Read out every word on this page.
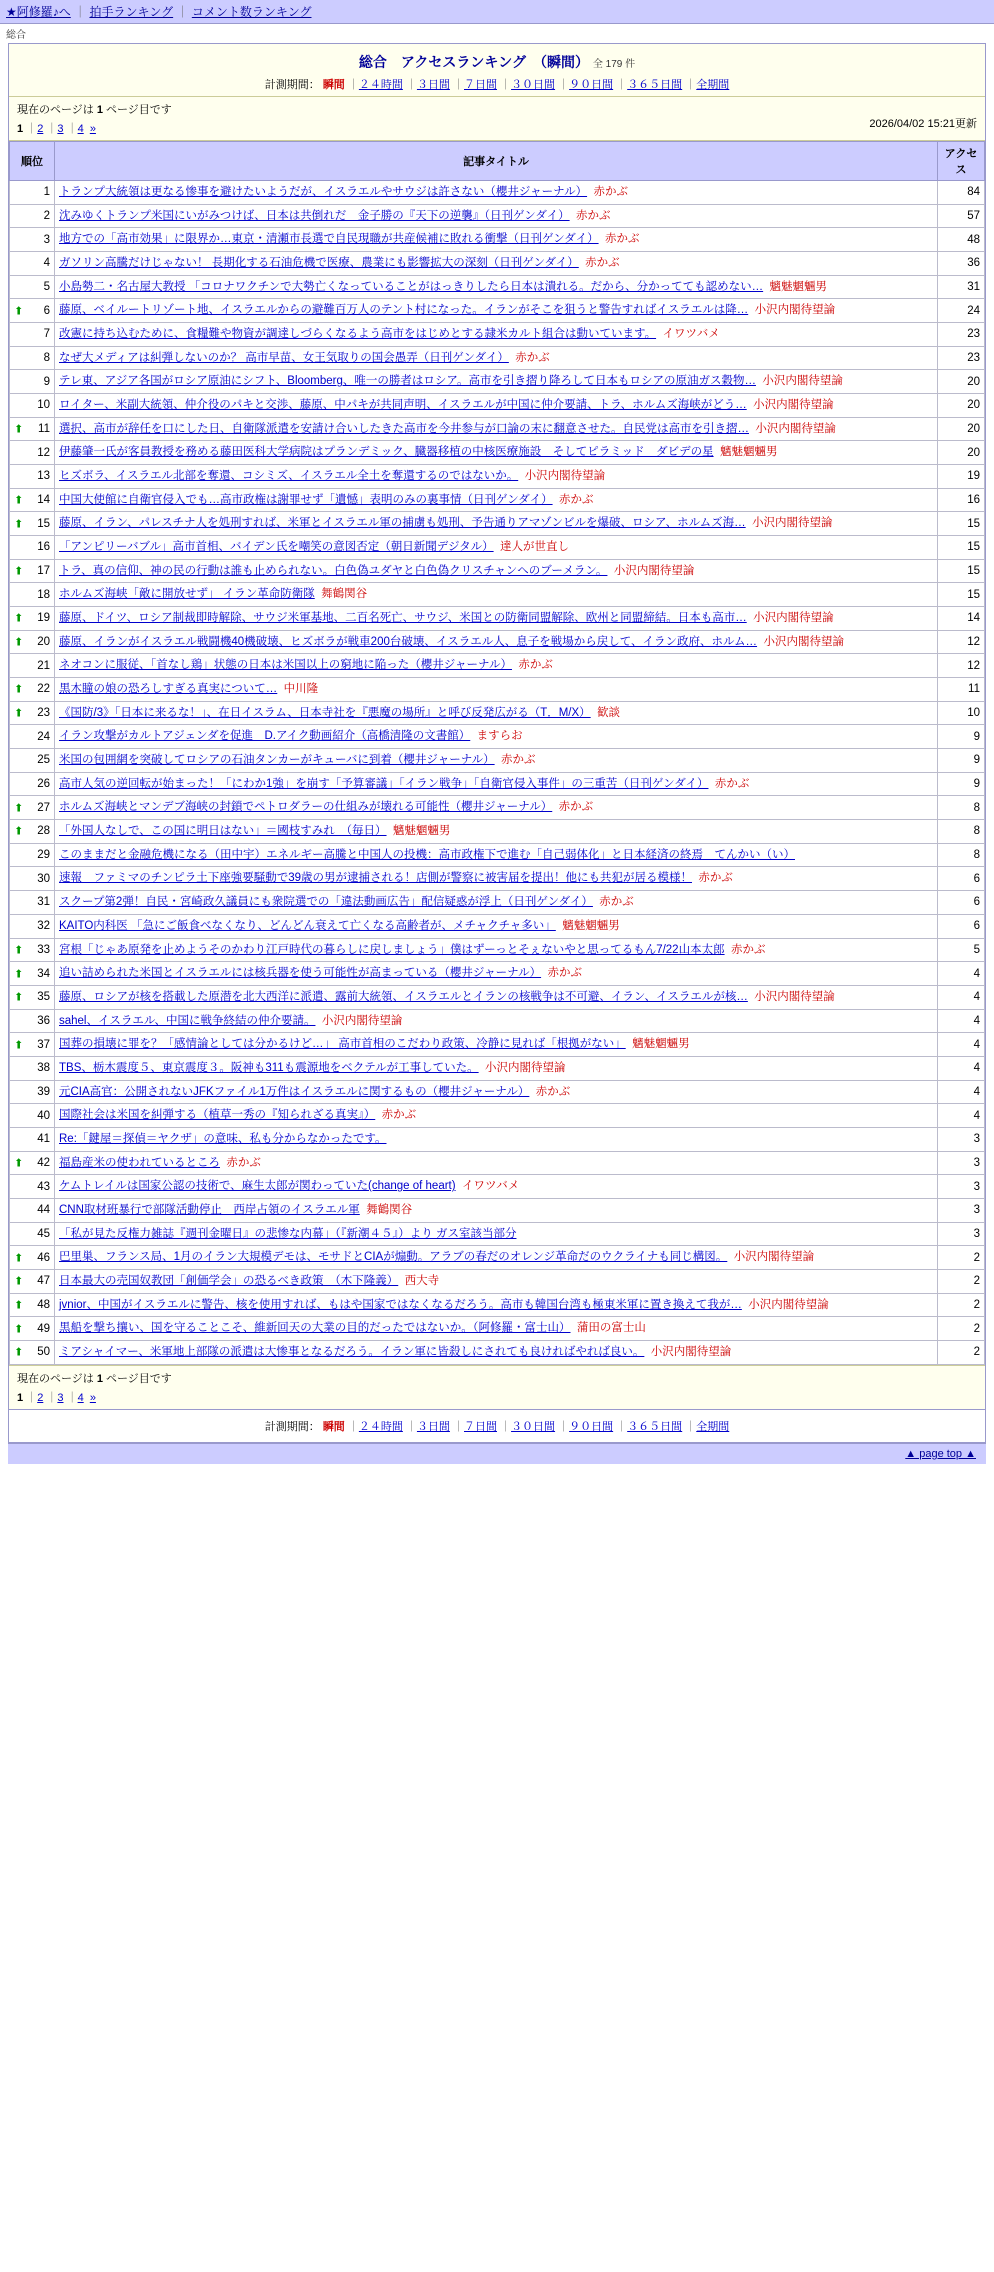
★阿修羅♪へ ｜ 拍手ランキング ｜ コメント数ランキング
総合
総合　アクセスランキング　（瞬間） 全 179 件
計測期間： 瞬間 ｜２４時間 ｜３日間 ｜７日間 ｜３０日間 ｜９０日間 ｜３６５日間 ｜全期間
現在のページは 1 ページ目です
2026/04/02 15:21更新
1 ｜2 ｜3 ｜4 »
順位	記事タイトル	アクセス
1	トランプ大統領は更なる惨事を避けたいようだが、イスラエルやサウジは許さない（櫻井ジャーナル） 赤かぶ	84
2	沈みゆくトランプ米国にいがみつけば、日本は共倒れだ　金子勝の『天下の逆襲』（日刊ゲンダイ） 赤かぶ	57
3	地方での「高市効果」に限界か…東京・清瀬市長選で自民現職が共産候補に敗れる衝撃（日刊ゲンダイ） 赤かぶ	48
4	ガソリン高騰だけじゃない！ 長期化する石油危機で医療、農業にも影響拡大の深刻（日刊ゲンダイ） 赤かぶ	36
5	小島勢二・名古屋大教授 「コロナワクチンで大勢亡くなっていることがはっきりしたら日本は潰れる。だから、分かってても認めない… 魑魅魍魎男	31

⬆ 6	藤原、ベイルートリゾート地、イスラエルからの避難百万人のテント村になった。イランがそこを狙うと警告すればイスラエルは降… 小沢内閣待望論	24
7	改憲に持ち込むために、食糧難や物資が調達しづらくなるよう高市をはじめとする隷米カルト組合は動いています。 イワツバメ	23
8	なぜ大メディアは糾弾しないのか？ 高市早苗、女王気取りの国会愚弄（日刊ゲンダイ） 赤かぶ	23
9	テレ東、アジア各国がロシア原油にシフト、Bloomberg、唯一の勝者はロシア。高市を引き摺り降ろして日本もロシアの原油ガス穀物… 小沢内閣待望論	20
10	ロイター、米副大統領、仲介役のパキと交渉、藤原、中パキが共同声明、イスラエルが中国に仲介要請、トラ、ホルムズ海峡がどう… 小沢内閣待望論	20

⬆ 11	選択、高市が辞任を口にした日、自衛隊派遣を安請け合いしたきた高市を今井参与が口論の末に翻意させた。自民党は高市を引き摺… 小沢内閣待望論	20
12	伊藤肇一氏が客員教授を務める藤田医科大学病院はプランデミック、臓器移植の中核医療施設　そしてピラミッド　ダビデの星 魑魅魍魎男	20
13	ヒズボラ、イスラエル北部を奪還、コシミズ、イスラエル全土を奪還するのではないか。 小沢内閣待望論	19

⬆ 14	中国大使館に自衛官侵入でも…高市政権は謝罪せず「遺憾」表明のみの裏事情（日刊ゲンダイ） 赤かぶ	16

⬆ 15	藤原、イラン、パレスチナ人を処刑すれば、米軍とイスラエル軍の捕虜も処刑、予告通りアマゾンビルを爆破、ロシア、ホルムズ海… 小沢内閣待望論	15
16	「アンピリーバブル」高市首相、バイデン氏を嘲笑の意図否定（朝日新聞デジタル） 達人が世直し	15

⬆ 17	トラ、真の信仰、神の民の行動は誰も止められない。白色偽ユダヤと白色偽クリスチャンへのブーメラン。 小沢内閣待望論	15
18	ホルムズ海峡「敵に開放せず」 イラン革命防衛隊 舞鶴関谷	15

⬆ 19	藤原、ドイツ、ロシア制裁即時解除、サウジ米軍基地、二百名死亡、サウジ、米国との防衛同盟解除、欧州と同盟締結。日本も高市… 小沢内閣待望論	14

⬆ 20	藤原、イランがイスラエル戦闘機40機破壊、ヒズボラが戦車200台破壊、イスラエル人、息子を戦場から戻して、イラン政府、ホルム… 小沢内閣待望論	12
21	ネオコンに服従、「首なし鶏」状態の日本は米国以上の窮地に陥った（櫻井ジャーナル） 赤かぶ	12

⬆ 22	黒木瞳の娘の恐ろしすぎる真実について… 中川隆	11

⬆ 23	《国防/3》「日本に来るな！」、在日イスラム、日本寺社を『悪魔の場所』と呼び反発広がる（T．M/X） 歓談	10
24	イラン攻撃がカルトアジェンダを促進　D.アイク動画紹介（高橋清隆の文書館） ますらお	9
25	米国の包囲網を突破してロシアの石油タンカーがキューバに到着（櫻井ジャーナル） 赤かぶ	9
26	高市人気の逆回転が始まった！「にわか1強」を崩す「予算審議」「イラン戦争」「自衛官侵入事件」の三重苦（日刊ゲンダイ） 赤かぶ	9

⬆ 27	ホルムズ海峡とマンデブ海峡の封鎖でペトロダラーの仕組みが壊れる可能性（櫻井ジャーナル） 赤かぶ	8

⬆ 28	「外国人なしで、この国に明日はない」＝國枝すみれ　（毎日） 魑魅魍魎男	8
29	このままだと金融危機になる（田中宇）エネルギー高騰と中国人の投機：高市政権下で進む「自己弱体化」と日本経済の終焉　てんかい（い）	8
30	速報　ファミマのチンピラ土下座強要騒動で39歳の男が逮捕される！店側が警察に被害届を提出！他にも共犯が居る模様！ 赤かぶ	6
31	スクープ第2弾！自民・宮崎政久議員にも衆院選での「違法動画広告」配信疑惑が浮上（日刊ゲンダイ） 赤かぶ	6
32	KAITO内科医 「急にご飯食べなくなり、どんどん衰えて亡くなる高齢者が、メチャクチャ多い」 魑魅魍魎男	6

⬆ 33	宮根「じゃあ原発を止めようそのかわり江戸時代の暮らしに戻しましょう」僕はずーっとそぇないやと思ってるもん7/22山本太郎 赤かぶ	5

⬆ 34	追い詰められた米国とイスラエルには核兵器を使う可能性が高まっている（櫻井ジャーナル） 赤かぶ	4

⬆ 35	藤原、ロシアが核を搭載した原潜を北大西洋に派遣、露前大統領、イスラエルとイランの核戦争は不可避、イラン、イスラエルが核… 小沢内閣待望論	4
36	sahel、イスラエル、中国に戦争終結の仲介要請。 小沢内閣待望論	4

⬆ 37	国葬の損壊に罪を？「感情論としては分かるけど…」 高市首相のこだわり政策、冷静に見れば「根拠がない」 魑魅魍魎男	4
38	TBS、栃木震度５、東京震度３。阪神も311も震源地をベクテルが工事していた。 小沢内閣待望論	4
39	元CIA高官：公開されないJFKファイル1万件はイスラエルに関するもの（櫻井ジャーナル） 赤かぶ	4
40	国際社会は米国を糾弾する（植草一秀の『知られざる真実』） 赤かぶ	4
41	Re:「鍵屋＝探偵＝ヤクザ」の意味、私も分からなかったです。	3

⬆ 42	福島産米の使われているところ 赤かぶ	3
43	ケムトレイルは国家公認の技術で、麻生太郎が関わっていた(change of heart) イワツバメ	3
44	CNN取材班暴行で部隊活動停止　西岸占領のイスラエル軍 舞鶴関谷	3
45	「私が見た反権力雑誌『週刊金曜日』の悲惨な内幕」（『新潮４５』）より ガス室該当部分	3

⬆ 46	巴里巣、フランス局、1月のイラン大規模デモは、モサドとCIAが煽動。アラブの春だのオレンジ革命だのウクライナも同じ構図。 小沢内閣待望論	2

⬆ 47	日本最大の売国奴教団「創価学会」の恐るべき政策　（木下隆義） 西大寺	2

⬆ 48	jvnior、中国がイスラエルに警告、核を使用すれば、もはや国家ではなくなるだろう。高市も韓国台湾も極東米軍に置き換えて我が… 小沢内閣待望論	2

⬆ 49	黒船を撃ち攘い、国を守ることこそ、維新回天の大業の目的だったではないか。（阿修羅・富士山） 蒲田の富士山	2

⬆ 50	ミアシャイマー、米軍地上部隊の派遣は大惨事となるだろう。イラン軍に皆殺しにされても良ければやれば良い。 小沢内閣待望論	2
現在のページは 1 ページ目です
1 ｜2 ｜3 ｜4 »
計測期間： 瞬間 ｜２４時間 ｜３日間 ｜７日間 ｜３０日間 ｜９０日間 ｜３６５日間 ｜全期間
▲ page top ▲
